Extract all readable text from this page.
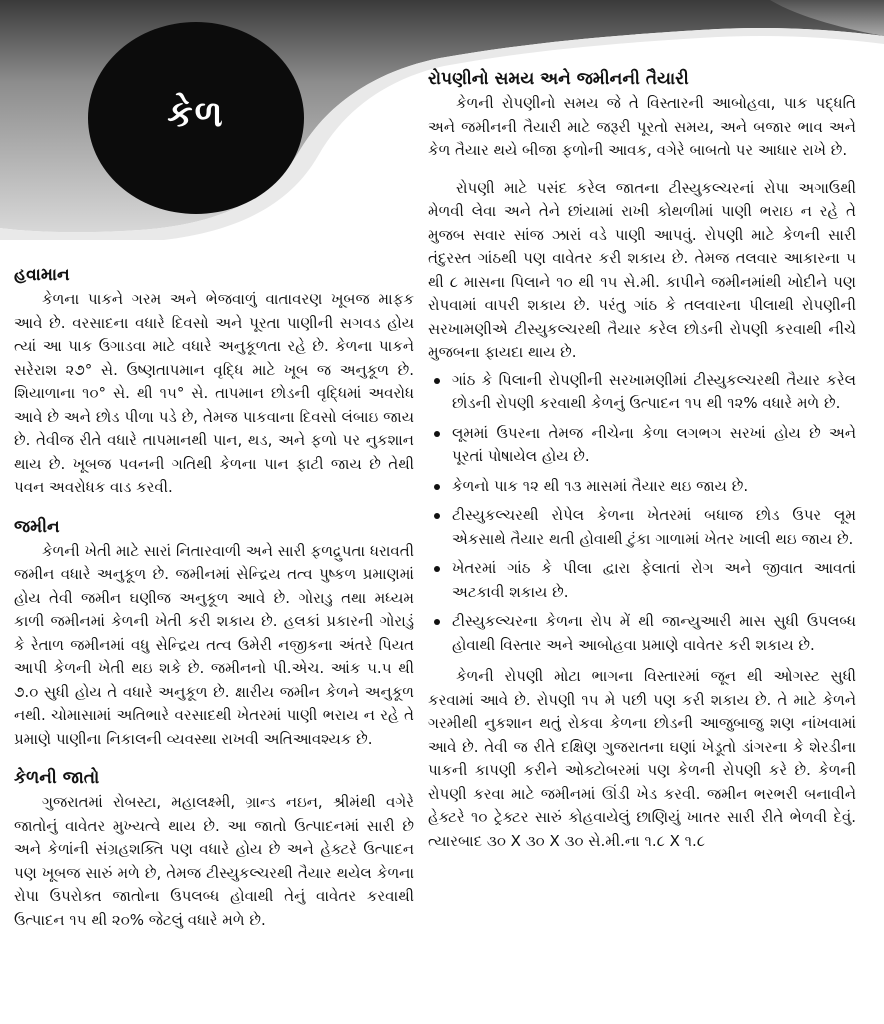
કેળ
હવામાન

કેળના પાકને ગરમ અને ભેજવાળું વાતાવરણ ખૂબજ માફક આવે છે. વરસાદના વધારે દિવસો અને પૂરતા પાણીની સગવડ હોય ત્યાં આ પાક ઉગાડવા માટે વધારે અનુકૂળતા રહે છે. કેળના પાકને સરેરાશ ૨૭° સે. ઉષ્ણતાપમાન વૃદ્ધિ માટે ખૂબ જ અનુકૂળ છે. શિયાળાના ૧૦° સે. થી ૧૫° સે. તાપમાન છોડની વૃદ્ધિમાં અવરોધ આવે છે અને છોડ પીળા પડે છે, તેમજ પાકવાના દિવસો લંબાઇ જાય છે. તેવીજ રીતે વધારે તાપમાનથી પાન, થડ, અને ફળો પર નુકશાન થાય છે. ખૂબજ પવનની ગતિથી કેળના પાન ફાટી જાય છે તેથી પવન અવરોધક વાડ કરવી.

જમીન

કેળની ખેતી માટે સારાં નિતારવાળી અને સારી ફળદ્રુપતા ધરાવતી જમીન વધારે અનુકૂળ છે. જમીનમાં સેન્દ્રિય તત્વ પુષ્કળ પ્રમાણમાં હોય તેવી જમીન ઘણીજ અનુકૂળ આવે છે. ગોરાડુ તથા મધ્યમ કાળી જમીનમાં કેળની ખેતી કરી શકાય છે. હલકાં પ્રકારની ગોરાડું કે રેતાળ જમીનમાં વધુ સેન્દ્રિય તત્વ ઉમેરી નજીકના અંતરે પિયત આપી કેળની ખેતી થઇ શકે છે. જમીનનો પી.એચ. આંક ૫.૫ થી ૭.૦ સુધી હોય તે વધારે અનુકૂળ છે. ક્ષારીય જમીન કેળને અનુકૂળ નથી. ચોમાસામાં અતિભારે વરસાદથી ખેતરમાં પાણી ભરાય ન રહે તે પ્રમાણે પાણીના નિકાલની વ્યવસ્થા રાખવી અતિઆવશ્યક છે.

કેળની જાતો

ગુજરાતમાં રોબસ્ટા, મહાલક્ષ્મી, ગ્રાન્ડ નઇન, શ્રીમંથી વગેરે જાતોનું વાવેતર મુખ્યત્વે થાય છે. આ જાતો ઉત્પાદનમાં સારી છે અને કેળાંની સંગ્રહશક્તિ પણ વધારે હોય છે અને હેક્ટરે ઉત્પાદન પણ ખૂબજ સારું મળે છે, તેમજ ટીસ્યુકલ્ચરથી તૈયાર થયેલ કેળના રોપા ઉપરોક્ત જાતોના ઉપલબ્ધ હોવાથી તેનું વાવેતર કરવાથી ઉત્પાદન ૧૫ થી ૨૦% જેટલું વધારે મળે છે.

રોપણીનો સમય અને જમીનની તૈયારી

કેળની રોપણીનો સમય જે તે વિસ્તારની આબોહવા, પાક પદ્ધતિ અને જમીનની તૈયારી માટે જરૂરી પૂરતો સમય, અને બજાર ભાવ અને કેળ તૈયાર થયે બીજા ફળોની આવક, વગેરે બાબતો પર આધાર રાખે છે.

રોપણી માટે પસંદ કરેલ જાતના ટીસ્યુકલ્ચરનાં રોપા અગાઉથી મેળવી લેવા અને તેને છાંયામાં રાખી કોથળીમાં પાણી ભરાઇ ન રહે તે મુજબ સવાર સાંજ ઝારાં વડે પાણી આપવું. રોપણી માટે કેળની સારી તંદુરસ્ત ગાંઠથી પણ વાવેતર કરી શકાય છે. તેમજ તલવાર આકારના ૫ થી ૮ માસના પિલાને ૧૦ થી ૧૫ સે.મી. કાપીને જમીનમાંથી ખોદીને પણ રોપવામાં વાપરી શકાય છે. પરંતુ ગાંઠ કે તલવારના પીલાથી રોપણીની સરખામણીએ ટીસ્યુકલ્ચરથી તૈયાર કરેલ છોડની રોપણી કરવાથી નીચે મુજબના ફાયદા થાય છે.

ગાંઠ કે પિલાની રોપણીની સરખામણીમાં ટીસ્યુકલ્ચરથી તૈયાર કરેલ છોડની રોપણી કરવાથી કેળનું ઉત્પાદન ૧૫ થી ૧૨% વધારે મળે છે.
લૂમમાં ઉપરના તેમજ નીચેના કેળા લગભગ સરખાં હોય છે અને પૂરતાં પોષાયેલ હોય છે.
કેળનો પાક ૧૨ થી ૧૩ માસમાં તૈયાર થઇ જાય છે.
ટીસ્યુકલ્ચરથી રોપેલ કેળના ખેતરમાં બધાજ છોડ ઉપર લૂમ એકસાથે તૈયાર થતી હોવાથી ટુંકા ગાળામાં ખેતર ખાલી થઇ જાય છે.
ખેતરમાં ગાંઠ કે પીલા દ્વારા ફેલાતાં રોગ અને જીવાત આવતાં અટકાવી શકાય છે.
ટીસ્યુકલ્ચરના કેળના રોપ મેં થી જાન્યુઆરી માસ સુધી ઉપલબ્ધ હોવાથી વિસ્તાર અને આબોહવા પ્રમાણે વાવેતર કરી શકાય છે.

કેળની રોપણી મોટા ભાગના વિસ્તારમાં જૂન થી ઓગસ્ટ સુધી કરવામાં આવે છે. રોપણી ૧૫ મે પછી પણ કરી શકાય છે. તે માટે કેળને ગરમીથી નુકશાન થતું રોકવા કેળના છોડની આજુબાજુ શણ નાંખવામાં આવે છે. તેવી જ રીતે દક્ષિણ ગુજરાતના ઘણાં ખેડૂતો ડાંગરના કે શેરડીના પાકની કાપણી કરીને ઓક્ટોબરમાં પણ કેળની રોપણી કરે છે. કેળની રોપણી કરવા માટે જમીનમાં ઊંડી ખેડ કરવી. જમીન ભરભરી બનાવીને હેક્ટરે ૧૦ ટ્રેક્ટર સારું કોહવાયેલું છાણિયું ખાતર સારી રીતે ભેળવી દેવું. ત્યારબાદ ૩૦ X ૩૦ X ૩૦ સે.મી.ના ૧.૮ X ૧.૮
